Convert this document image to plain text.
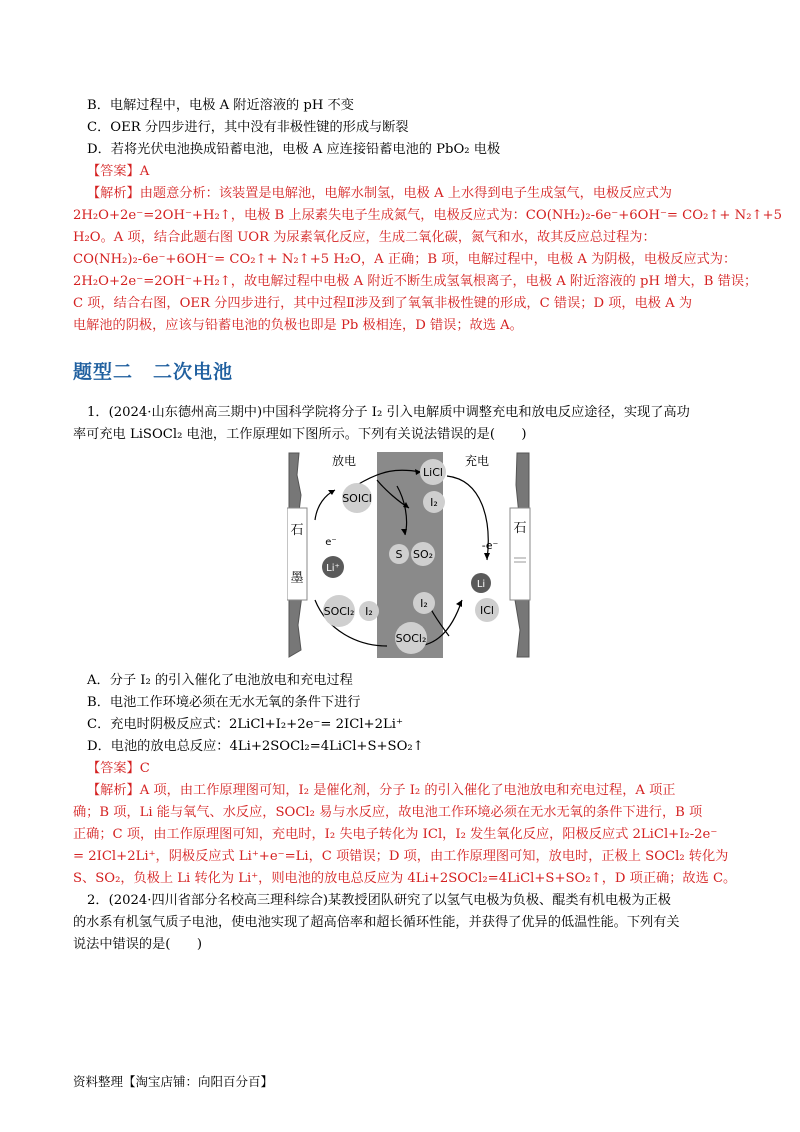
B．电解过程中，电极 A 附近溶液的 pH 不变
C．OER 分四步进行，其中没有非极性键的形成与断裂
D．若将光伏电池换成铅蓄电池，电极 A 应连接铅蓄电池的 PbO₂ 电极
【答案】A
【解析】由题意分析：该装置是电解池，电解水制氢，电极 A 上水得到电子生成氢气，电极反应式为
2H₂O+2e⁻=2OH⁻+H₂↑，电极 B 上尿素失电子生成氮气，电极反应式为：CO(NH₂)₂-6e⁻+6OH⁻= CO₂↑+ N₂↑+5
H₂O。A 项，结合此题右图 UOR 为尿素氧化反应，生成二氧化碳，氮气和水，故其反应总过程为：
CO(NH₂)₂-6e⁻+6OH⁻= CO₂↑+ N₂↑+5 H₂O，A 正确；B 项，电解过程中，电极 A 为阴极，电极反应式为：
2H₂O+2e⁻=2OH⁻+H₂↑，故电解过程中电极 A 附近不断生成氢氧根离子，电极 A 附近溶液的 pH 增大，B 错误；
C 项，结合右图，OER 分四步进行，其中过程Ⅱ涉及到了氧氧非极性键的形成，C 错误；D 项，电极 A 为
电解池的阴极，应该与铅蓄电池的负极也即是 Pb 极相连，D 错误；故选 A。
题型二 二次电池
1．(2024·山东德州高三期中)中国科学院将分子 I₂ 引入电解质中调整充电和放电反应途径，实现了高功
率可充电 LiSOCl₂ 电池，工作原理如下图所示。下列有关说法错误的是(　　)
石
墨
石
放电	充电
SOICl
LiCl
I₂
S SO₂
e⁻
Li⁺
-e⁻
Li
ICl
I₂
SOCl₂ I₂
SOCl₂
A．分子 I₂ 的引入催化了电池放电和充电过程
B．电池工作环境必须在无水无氧的条件下进行
C．充电时阴极反应式：2LiCl+I₂+2e⁻= 2ICl+2Li⁺
D．电池的放电总反应：4Li+2SOCl₂=4LiCl+S+SO₂↑
【答案】C
【解析】A 项，由工作原理图可知，I₂ 是催化剂，分子 I₂ 的引入催化了电池放电和充电过程，A 项正
确；B 项，Li 能与氧气、水反应，SOCl₂ 易与水反应，故电池工作环境必须在无水无氧的条件下进行，B 项
正确；C 项，由工作原理图可知，充电时，I₂ 失电子转化为 ICl，I₂ 发生氧化反应，阳极反应式 2LiCl+I₂-2e⁻
= 2ICl+2Li⁺，阴极反应式 Li⁺+e⁻=Li，C 项错误；D 项，由工作原理图可知，放电时，正极上 SOCl₂ 转化为
S、SO₂，负极上 Li 转化为 Li⁺，则电池的放电总反应为 4Li+2SOCl₂=4LiCl+S+SO₂↑，D 项正确；故选 C。
2．(2024·四川省部分名校高三理科综合)某教授团队研究了以氢气电极为负极、醌类有机电极为正极
的水系有机氢气质子电池，使电池实现了超高倍率和超长循环性能，并获得了优异的低温性能。下列有关
说法中错误的是(　　)
资料整理【淘宝店铺：向阳百分百】
